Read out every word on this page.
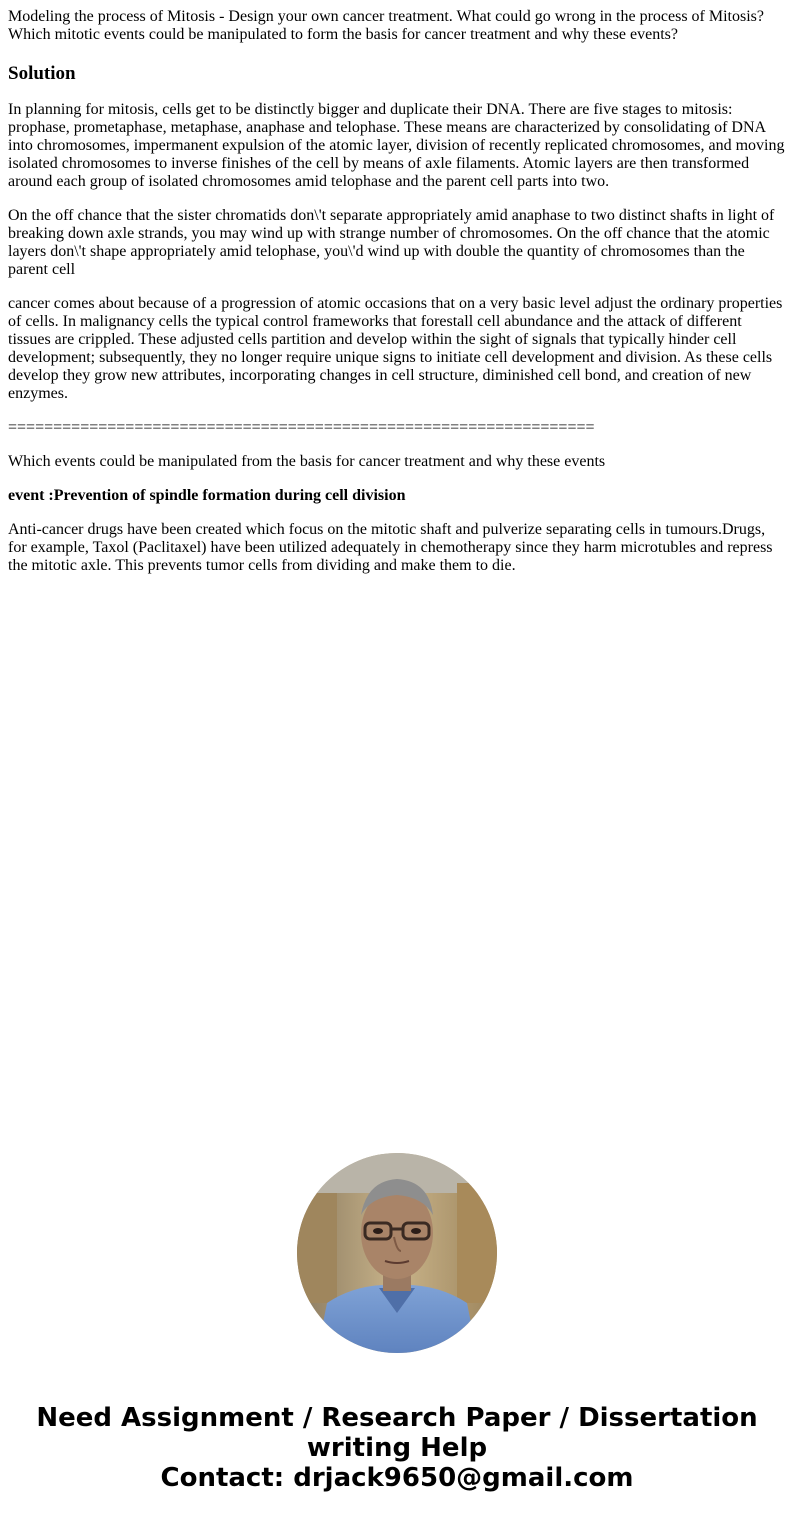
Modeling the process of Mitosis - Design your own cancer treatment. What could go wrong in the process of Mitosis? Which mitotic events could be manipulated to form the basis for cancer treatment and why these events?

Solution

In planning for mitosis, cells get to be distinctly bigger and duplicate their DNA. There are five stages to mitosis: prophase, prometaphase, metaphase, anaphase and telophase. These means are characterized by consolidating of DNA into chromosomes, impermanent expulsion of the atomic layer, division of recently replicated chromosomes, and moving isolated chromosomes to inverse finishes of the cell by means of axle filaments. Atomic layers are then transformed around each group of isolated chromosomes amid telophase and the parent cell parts into two.

On the off chance that the sister chromatids don\'t separate appropriately amid anaphase to two distinct shafts in light of breaking down axle strands, you may wind up with strange number of chromosomes. On the off chance that the atomic layers don\'t shape appropriately amid telophase, you\'d wind up with double the quantity of chromosomes than the parent cell

cancer comes about because of a progression of atomic occasions that on a very basic level adjust the ordinary properties of cells. In malignancy cells the typical control frameworks that forestall cell abundance and the attack of different tissues are crippled. These adjusted cells partition and develop within the sight of signals that typically hinder cell development; subsequently, they no longer require unique signs to initiate cell development and division. As these cells develop they grow new attributes, incorporating changes in cell structure, diminished cell bond, and creation of new enzymes.

=================================================================

Which events could be manipulated from the basis for cancer treatment and why these events

event :Prevention of spindle formation during cell division

Anti-cancer drugs have been created which focus on the mitotic shaft and pulverize separating cells in tumours.Drugs, for example, Taxol (Paclitaxel) have been utilized adequately in chemotherapy since they harm microtubles and repress the mitotic axle. This prevents tumor cells from dividing and make them to die.

Need Assignment / Research Paper / Dissertation
writing Help
Contact: drjack9650@gmail.com
